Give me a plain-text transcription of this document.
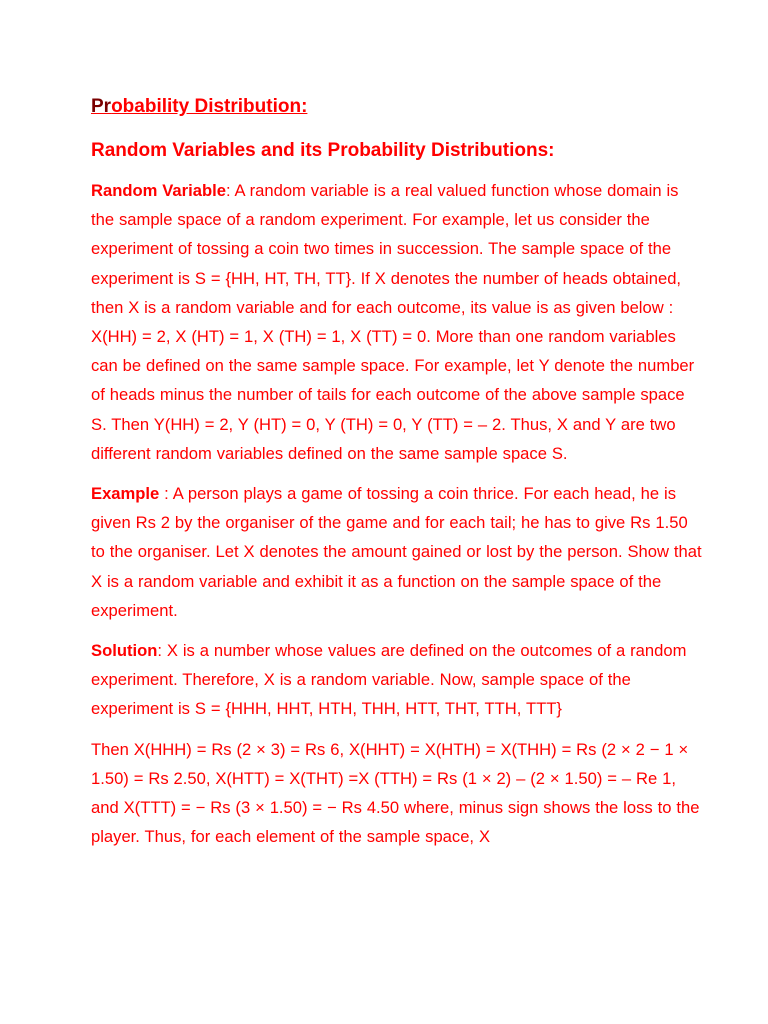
Probability Distribution:
Random Variables and its Probability Distributions:

Random Variable: A random variable is a real valued function whose domain is the sample space of a random experiment. For example, let us consider the experiment of tossing a coin two times in succession. The sample space of the experiment is S = {HH, HT, TH, TT}. If X denotes the number of heads obtained, then X is a random variable and for each outcome, its value is as given below : X(HH) = 2, X (HT) = 1, X (TH) = 1, X (TT) = 0. More than one random variables can be defined on the same sample space. For example, let Y denote the number of heads minus the number of tails for each outcome of the above sample space S. Then Y(HH) = 2, Y (HT) = 0, Y (TH) = 0, Y (TT) = – 2. Thus, X and Y are two different random variables defined on the same sample space S.

Example : A person plays a game of tossing a coin thrice. For each head, he is given Rs 2 by the organiser of the game and for each tail; he has to give Rs 1.50 to the organiser. Let X denotes the amount gained or lost by the person. Show that X is a random variable and exhibit it as a function on the sample space of the experiment.

Solution: X is a number whose values are defined on the outcomes of a random experiment. Therefore, X is a random variable. Now, sample space of the experiment is S = {HHH, HHT, HTH, THH, HTT, THT, TTH, TTT}

Then X(HHH) = Rs (2 × 3) = Rs 6, X(HHT) = X(HTH) = X(THH) = Rs (2 × 2 − 1 × 1.50) = Rs 2.50, X(HTT) = X(THT) =X (TTH) = Rs (1 × 2) – (2 × 1.50) = – Re 1, and X(TTT) = − Rs (3 × 1.50) = − Rs 4.50 where, minus sign shows the loss to the player. Thus, for each element of the sample space, X
